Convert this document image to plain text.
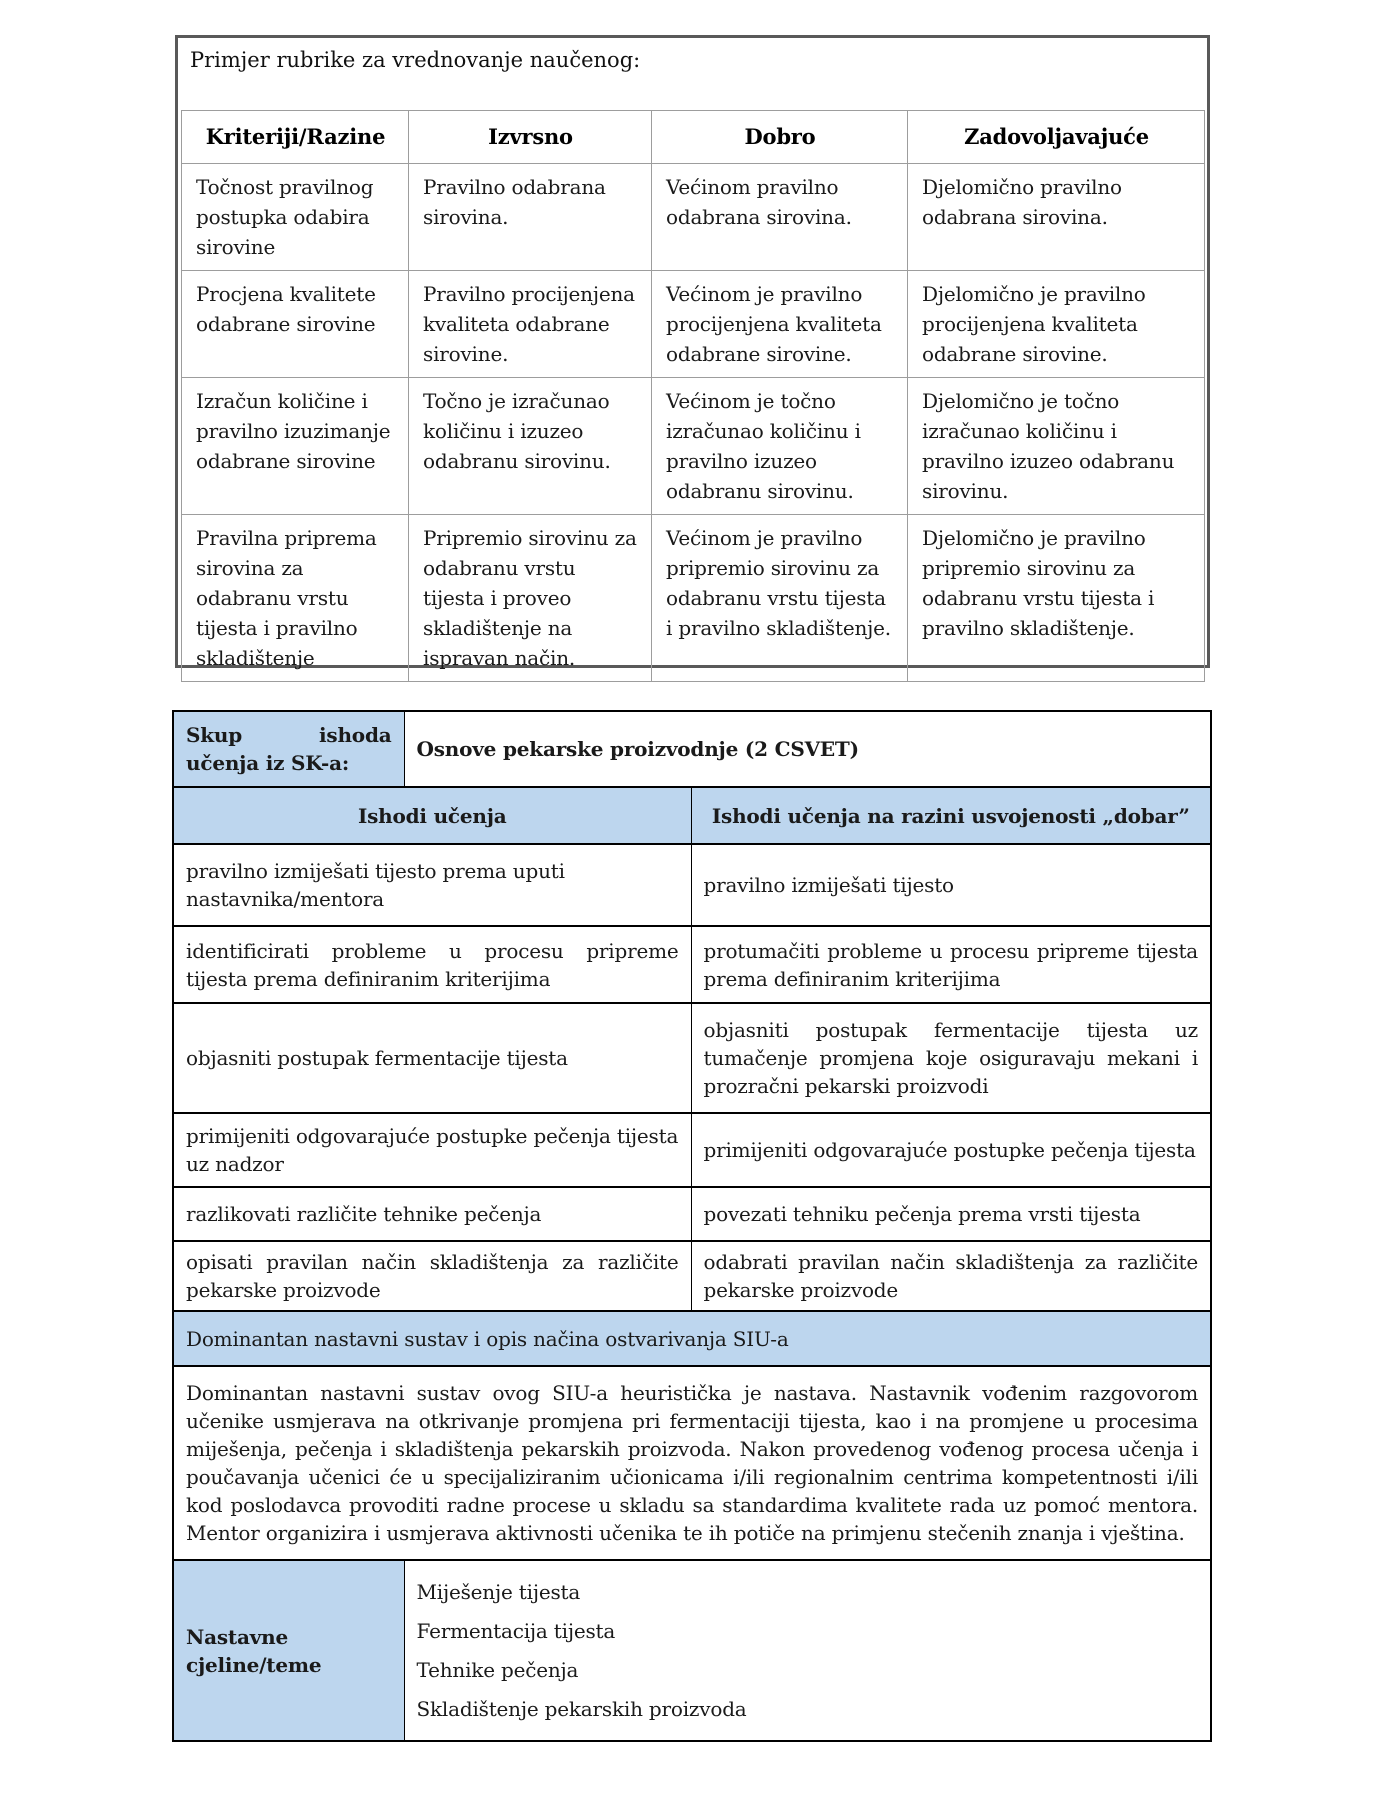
Primjer rubrike za vrednovanje naučenog:
Kriteriji/Razine	Izvrsno	Dobro	Zadovoljavajuće
Točnost pravilnog postupka odabira sirovine	Pravilno odabrana sirovina.	Većinom pravilno odabrana sirovina.	Djelomično pravilno odabrana sirovina.
Procjena kvalitete odabrane sirovine	Pravilno procijenjena kvaliteta odabrane sirovine.	Većinom je pravilno procijenjena kvaliteta odabrane sirovine.	Djelomično je pravilno procijenjena kvaliteta odabrane sirovine.
Izračun količine i pravilno izuzimanje odabrane sirovine	Točno je izračunao količinu i izuzeo odabranu sirovinu.	Većinom je točno izračunao količinu i pravilno izuzeo odabranu sirovinu.	Djelomično je točno izračunao količinu i pravilno izuzeo odabranu sirovinu.
Pravilna priprema sirovina za odabranu vrstu tijesta i pravilno skladištenje	Pripremio sirovinu za odabranu vrstu tijesta i proveo skladištenje na ispravan način.	Većinom je pravilno pripremio sirovinu za odabranu vrstu tijesta i pravilno skladištenje.	Djelomično je pravilno pripremio sirovinu za odabranu vrstu tijesta i pravilno skladištenje.
Skup ishoda učenja iz SK-a:	Osnove pekarske proizvodnje (2 CSVET)	
Ishodi učenja		Ishodi učenja na razini usvojenosti „dobar”
pravilno izmiješati tijesto prema uputi nastavnika/mentora		pravilno izmiješati tijesto
identificirati probleme u procesu pripreme tijesta prema definiranim kriterijima		protumačiti probleme u procesu pripreme tijesta prema definiranim kriterijima
objasniti postupak fermentacije tijesta		objasniti postupak fermentacije tijesta uz tumačenje promjena koje osiguravaju mekani i prozračni pekarski proizvodi
primijeniti odgovarajuće postupke pečenja tijesta uz nadzor		primijeniti odgovarajuće postupke pečenja tijesta
razlikovati različite tehnike pečenja		povezati tehniku pečenja prema vrsti tijesta
opisati pravilan način skladištenja za različite pekarske proizvode		odabrati pravilan način skladištenja za različite pekarske proizvode
Dominantan nastavni sustav i opis načina ostvarivanja SIU-a		
Dominantan nastavni sustav ovog SIU-a heuristička je nastava. Nastavnik vođenim razgovorom učenike usmjerava na otkrivanje promjena pri fermentaciji tijesta, kao i na promjene u procesima miješenja, pečenja i skladištenja pekarskih proizvoda. Nakon provedenog vođenog procesa učenja i poučavanja učenici će u specijaliziranim učionicama i/ili regionalnim centrima kompetentnosti i/ili kod poslodavca provoditi radne procese u skladu sa standardima kvalitete rada uz pomoć mentora. Mentor organizira i usmjerava aktivnosti učenika te ih potiče na primjenu stečenih znanja i vještina.		
Nastavne cjeline/teme	Miješenje tijesta
Fermentacija tijesta
Tehnike pečenja
Skladištenje pekarskih proizvoda	
